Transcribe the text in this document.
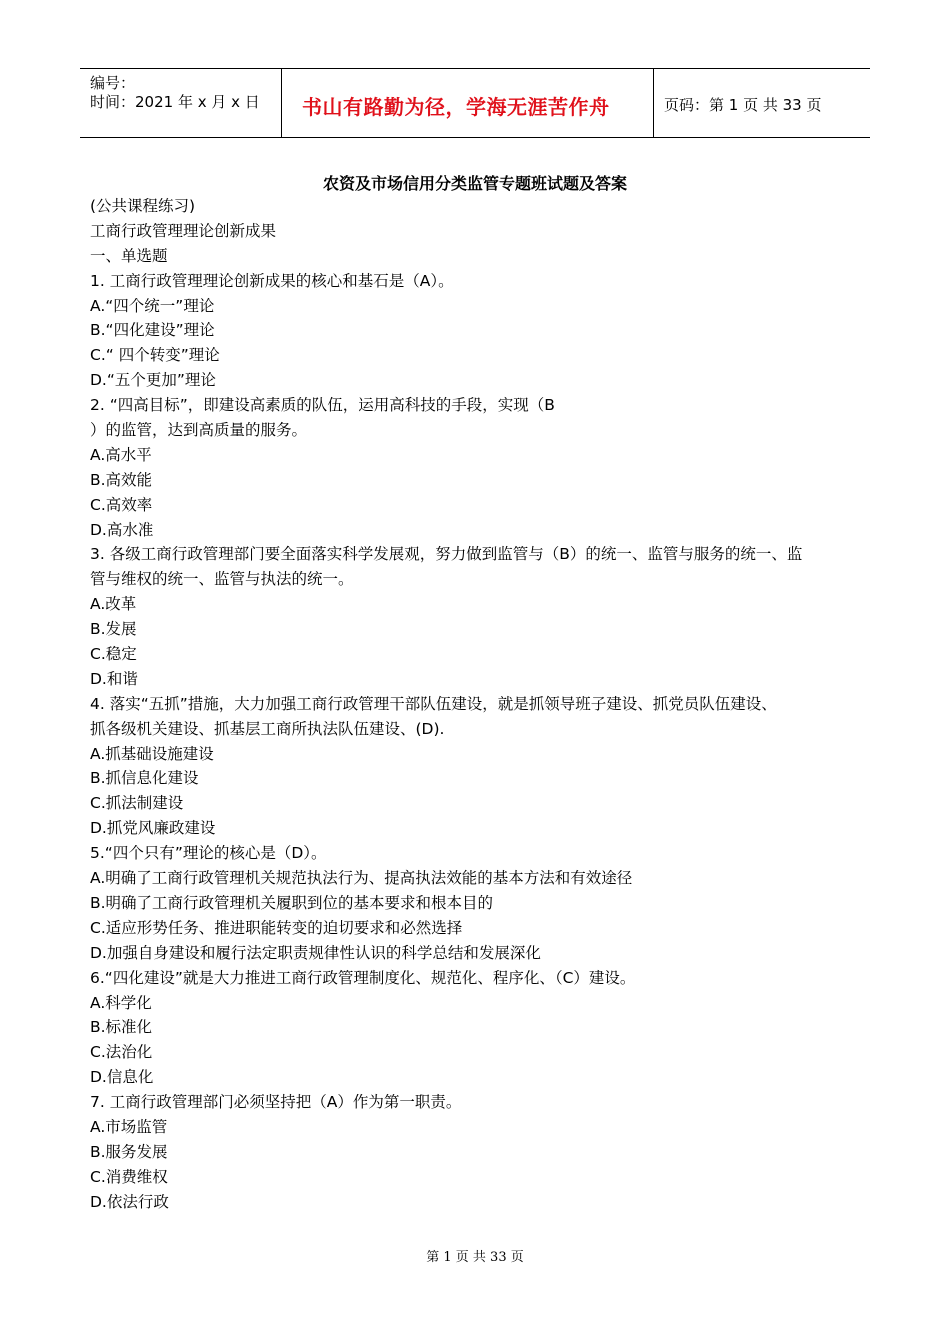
编号：
时间：2021 年 x 月 x 日 书山有路勤为径，学海无涯苦作舟	页码：第 1 页 共 33 页
农资及市场信用分类监管专题班试题及答案
(公共课程练习)
工商行政管理理论创新成果
一、单选题
1. 工商行政管理理论创新成果的核心和基石是（A）。
A.“四个统一”理论
B.“四化建设”理论
C.“ 四个转变”理论
D.“五个更加”理论
2. “四高目标”，即建设高素质的队伍，运用高科技的手段，实现（B
）的监管，达到高质量的服务。
A.高水平
B.高效能
C.高效率
D.高水准
3. 各级工商行政管理部门要全面落实科学发展观，努力做到监管与（B）的统一、监管与服务的统一、监
管与维权的统一、监管与执法的统一。
A.改革
B.发展
C.稳定
D.和谐
4. 落实“五抓”措施，大力加强工商行政管理干部队伍建设，就是抓领导班子建设、抓党员队伍建设、
抓各级机关建设、抓基层工商所执法队伍建设、(D).
A.抓基础设施建设
B.抓信息化建设
C.抓法制建设
D.抓党风廉政建设
5.“四个只有”理论的核心是（D）。
A.明确了工商行政管理机关规范执法行为、提高执法效能的基本方法和有效途径
B.明确了工商行政管理机关履职到位的基本要求和根本目的
C.适应形势任务、推进职能转变的迫切要求和必然选择
D.加强自身建设和履行法定职责规律性认识的科学总结和发展深化
6.“四化建设”就是大力推进工商行政管理制度化、规范化、程序化、（C）建设。
A.科学化
B.标准化
C.法治化
D.信息化
7. 工商行政管理部门必须坚持把（A）作为第一职责。
A.市场监管
B.服务发展
C.消费维权
D.依法行政
第 1 页 共 33 页
